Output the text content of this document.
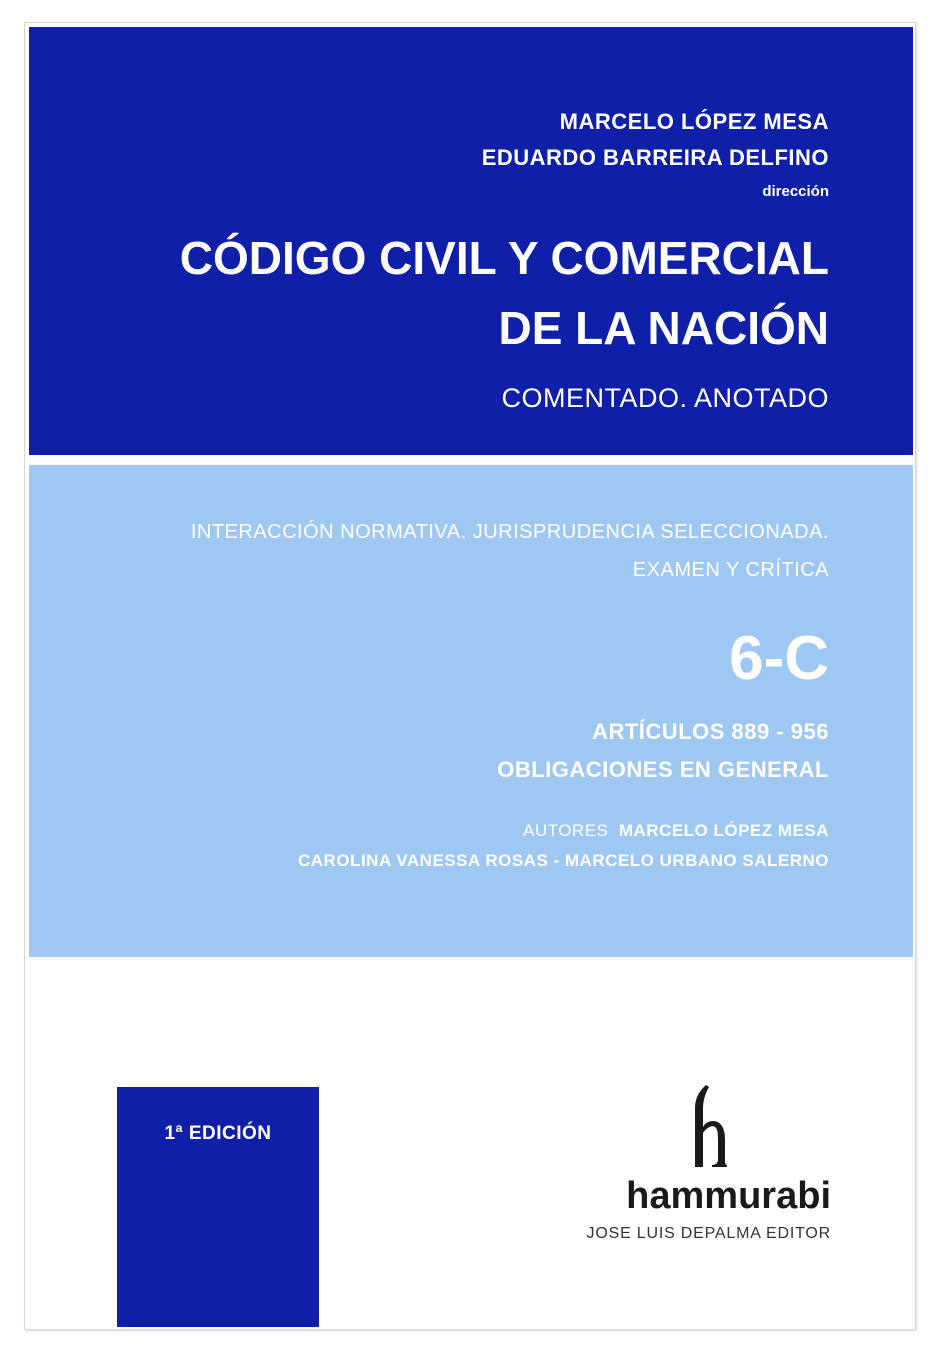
MARCELO LÓPEZ MESA
EDUARDO BARREIRA DELFINO
dirección
CÓDIGO CIVIL Y COMERCIAL
DE LA NACIÓN
COMENTADO. ANOTADO
INTERACCIÓN NORMATIVA. JURISPRUDENCIA SELECCIONADA.
EXAMEN Y CRÍTICA
6-C
ARTÍCULOS 889 - 956
OBLIGACIONES EN GENERAL
AUTORES MARCELO LÓPEZ MESA
CAROLINA VANESSA ROSAS - MARCELO URBANO SALERNO
1ª EDICIÓN
hammurabi
JOSE LUIS DEPALMA EDITOR
